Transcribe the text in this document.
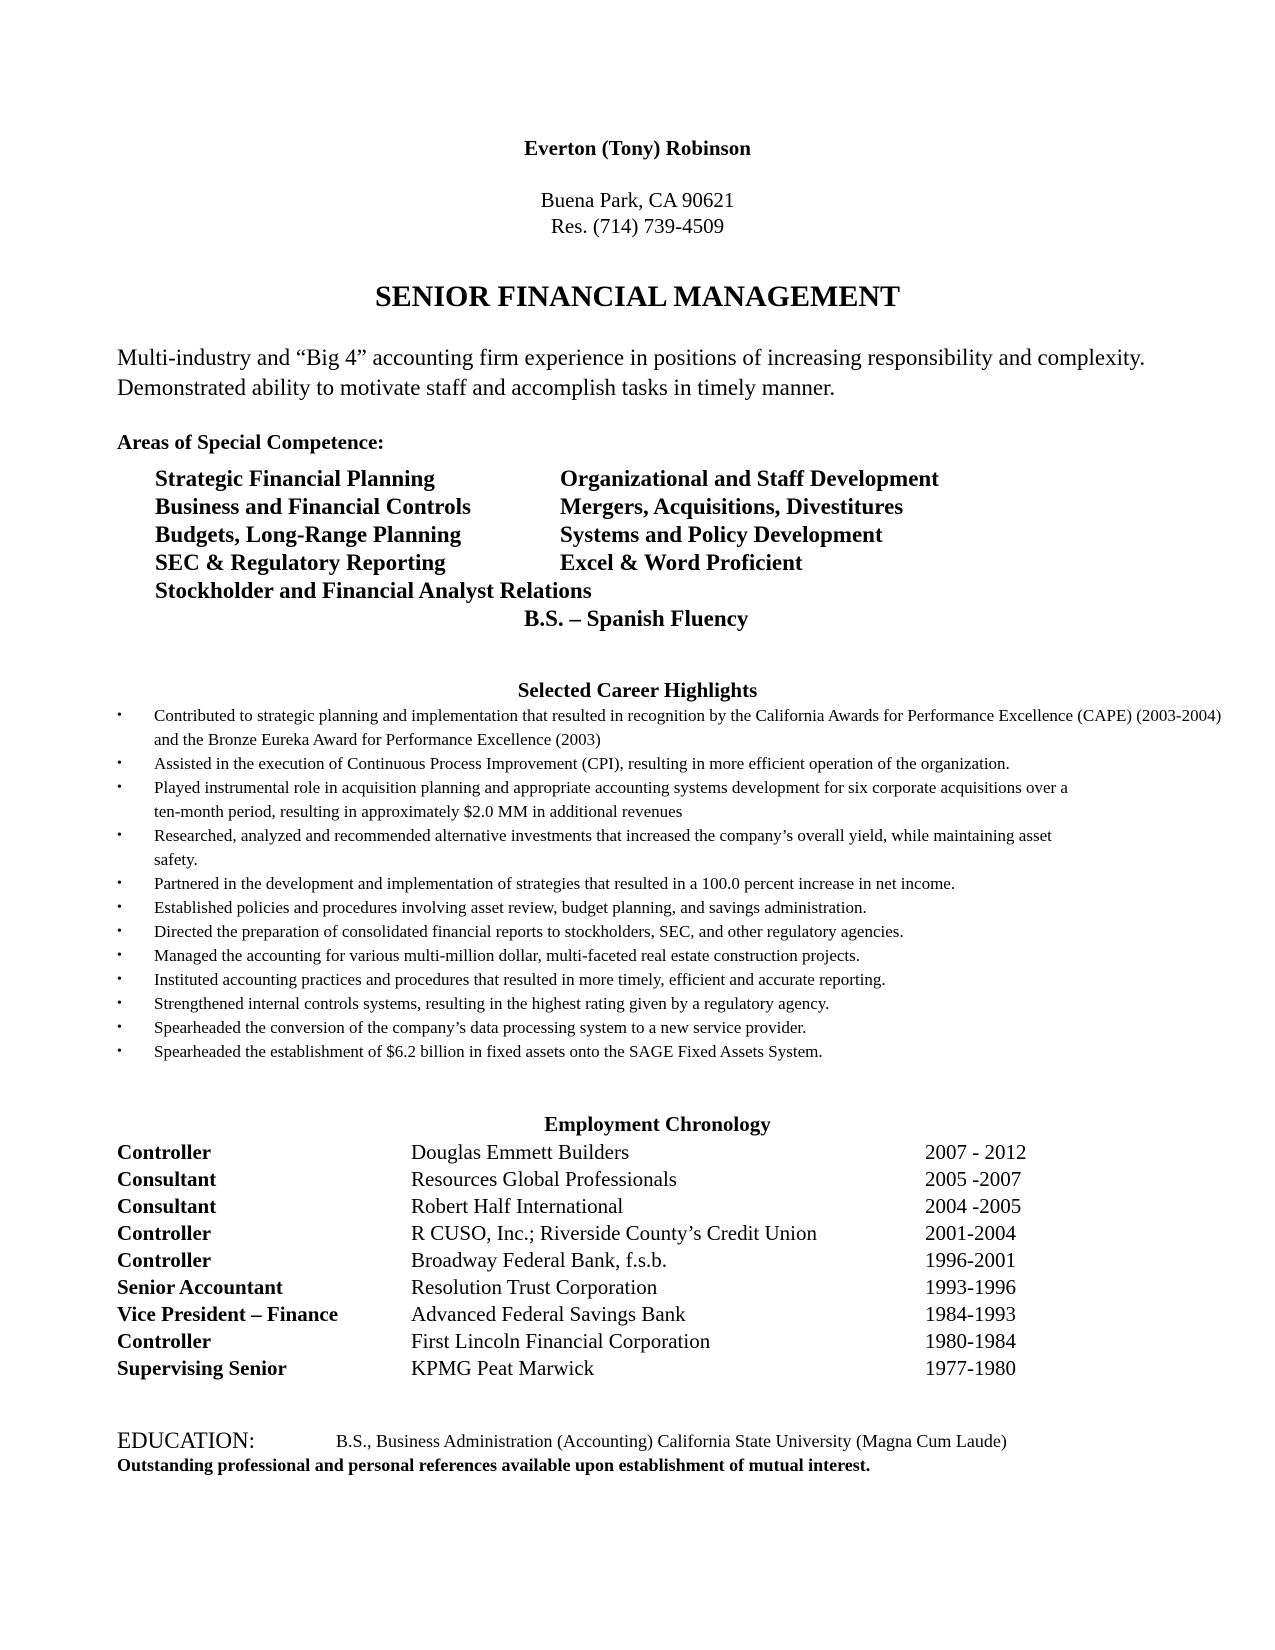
Everton (Tony) Robinson
Buena Park, CA 90621
Res. (714) 739-4509
SENIOR FINANCIAL MANAGEMENT
Multi-industry and “Big 4” accounting firm experience in positions of increasing responsibility and complexity. Demonstrated ability to motivate staff and accomplish tasks in timely manner.
Areas of Special Competence:
Strategic Financial Planning
Business and Financial Controls
Budgets, Long-Range Planning
SEC & Regulatory Reporting
Organizational and Staff Development
Mergers, Acquisitions, Divestitures
Systems and Policy Development
Excel & Word Proficient
Stockholder and Financial Analyst Relations
B.S. – Spanish Fluency
Selected Career Highlights
• Contributed to strategic planning and implementation that resulted in recognition by the California Awards for Performance Excellence (CAPE) (2003-2004) and the Bronze Eureka Award for Performance Excellence (2003)
• Assisted in the execution of Continuous Process Improvement (CPI), resulting in more efficient operation of the organization.
• Played instrumental role in acquisition planning and appropriate accounting systems development for six corporate acquisitions over a ten-month period, resulting in approximately $2.0 MM in additional revenues
• Researched, analyzed and recommended alternative investments that increased the company’s overall yield, while maintaining asset safety.
• Partnered in the development and implementation of strategies that resulted in a 100.0 percent increase in net income.
• Established policies and procedures involving asset review, budget planning, and savings administration.
• Directed the preparation of consolidated financial reports to stockholders, SEC, and other regulatory agencies.
• Managed the accounting for various multi-million dollar, multi-faceted real estate construction projects.
• Instituted accounting practices and procedures that resulted in more timely, efficient and accurate reporting.
• Strengthened internal controls systems, resulting in the highest rating given by a regulatory agency.
• Spearheaded the conversion of the company’s data processing system to a new service provider.
• Spearheaded the establishment of $6.2 billion in fixed assets onto the SAGE Fixed Assets System.
Employment Chronology
Controller	Douglas Emmett Builders	2007 - 2012
Consultant	Resources Global Professionals	2005 -2007
Consultant	Robert Half International	2004 -2005
Controller	R CUSO, Inc.; Riverside County’s Credit Union	2001-2004
Controller	Broadway Federal Bank, f.s.b.	1996-2001
Senior Accountant	Resolution Trust Corporation	1993-1996
Vice President – Finance	Advanced Federal Savings Bank	1984-1993
Controller	First Lincoln Financial Corporation	1980-1984
Supervising Senior	KPMG Peat Marwick	1977-1980
EDUCATION:	B.S., Business Administration (Accounting) California State University (Magna Cum Laude)
Outstanding professional and personal references available upon establishment of mutual interest.
